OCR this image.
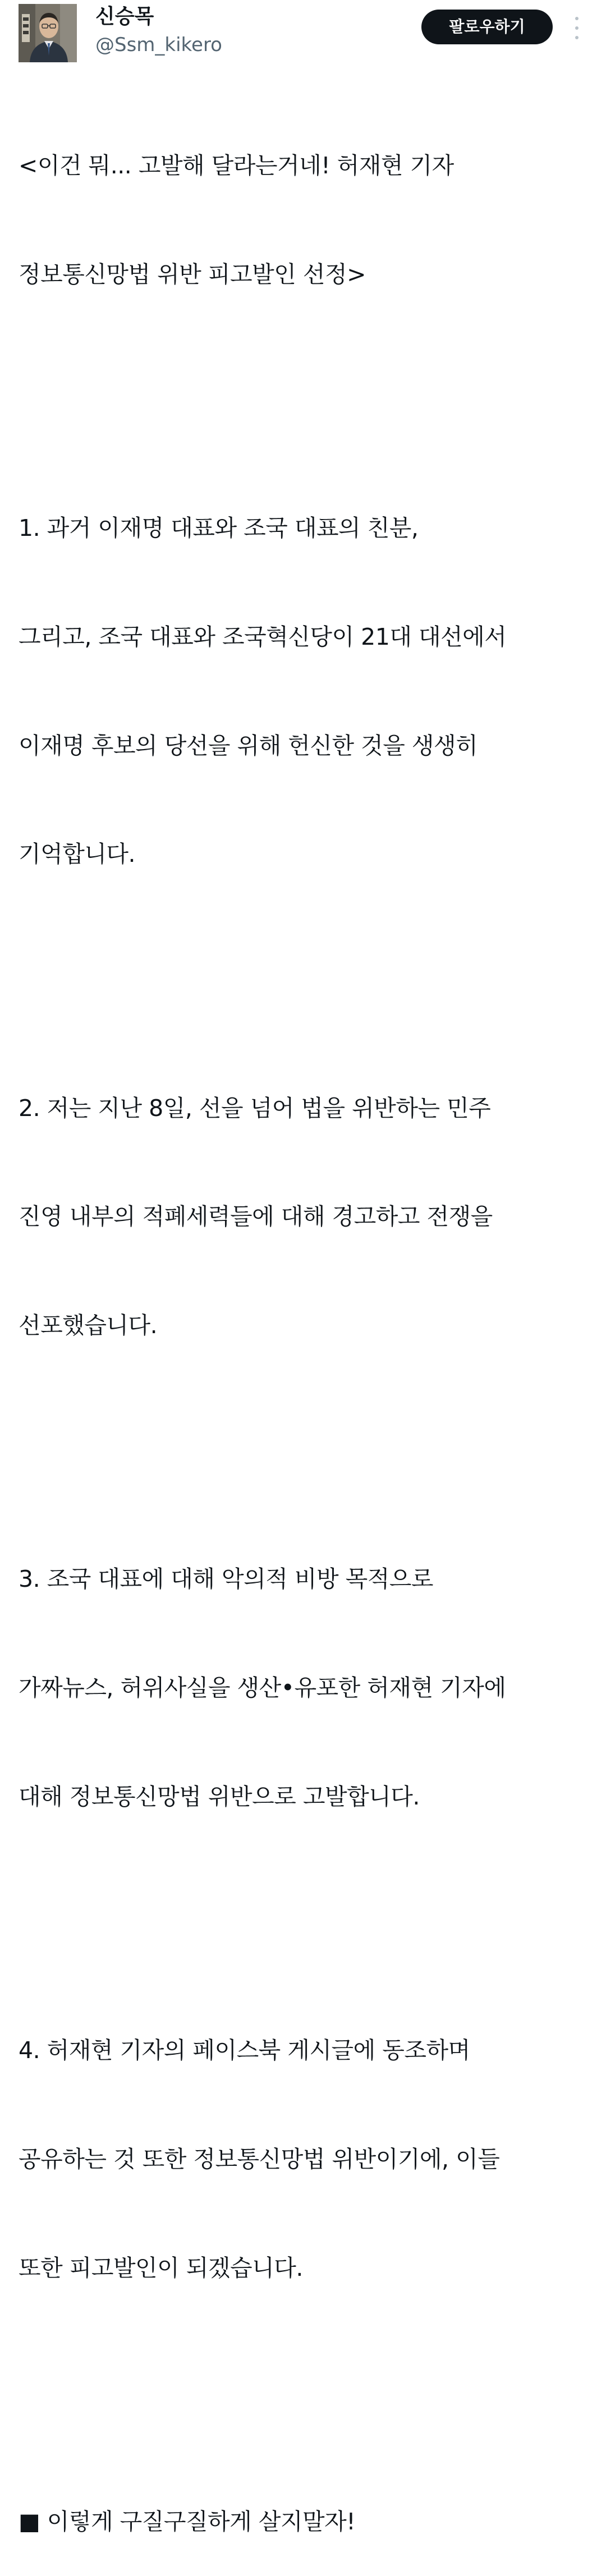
신승목
@Ssm_kikero
팔로우하기

<이건 뭐... 고발해 달라는거네! 허재현 기자

정보통신망법 위반 피고발인 선정>

1. 과거 이재명 대표와 조국 대표의 친분,

그리고, 조국 대표와 조국혁신당이 21대 대선에서

이재명 후보의 당선을 위해 헌신한 것을 생생히

기억합니다.

2. 저는 지난 8일, 선을 넘어 법을 위반하는 민주

진영 내부의 적폐세력들에 대해 경고하고 전쟁을

선포했습니다.

3. 조국 대표에 대해 악의적 비방 목적으로

가짜뉴스, 허위사실을 생산•유포한 허재현 기자에

대해 정보통신망법 위반으로 고발합니다.

4. 허재현 기자의 페이스북 게시글에 동조하며

공유하는 것 또한 정보통신망법 위반이기에, 이들

또한 피고발인이 되겠습니다.

■ 이렇게 구질구질하게 살지말자!
